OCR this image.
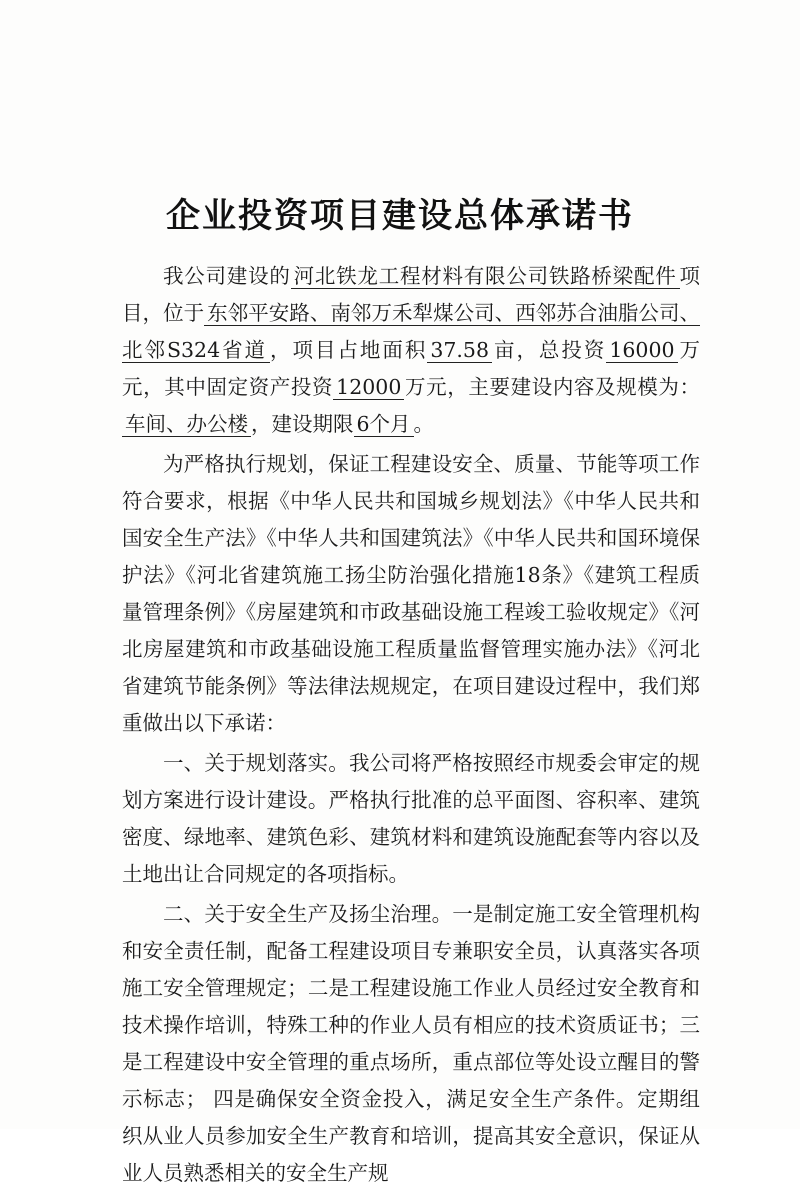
企业投资项目建设总体承诺书

我公司建设的 河北铁龙工程材料有限公司铁路桥梁配件 项目，位于 东邻平安路、南邻万禾犁煤公司、西邻苏合油脂公司、北邻S324省道 ，项目占地面积 37.58 亩，总投资 16000 万元，其中固定资产投资 12000 万元，主要建设内容及规模为：车间、办公楼 ，建设期限 6个月 。

为严格执行规划，保证工程建设安全、质量、节能等项工作符合要求，根据《中华人民共和国城乡规划法》《中华人民共和国安全生产法》《中华人共和国建筑法》《中华人民共和国环境保护法》《河北省建筑施工扬尘防治强化措施18条》《建筑工程质量管理条例》《房屋建筑和市政基础设施工程竣工验收规定》《河北房屋建筑和市政基础设施工程质量监督管理实施办法》《河北省建筑节能条例》等法律法规规定，在项目建设过程中，我们郑重做出以下承诺：

一、关于规划落实。我公司将严格按照经市规委会审定的规划方案进行设计建设。严格执行批准的总平面图、容积率、建筑密度、绿地率、建筑色彩、建筑材料和建筑设施配套等内容以及土地出让合同规定的各项指标。

二、关于安全生产及扬尘治理。一是制定施工安全管理机构和安全责任制，配备工程建设项目专兼职安全员，认真落实各项施工安全管理规定；二是工程建设施工作业人员经过安全教育和技术操作培训，特殊工种的作业人员有相应的技术资质证书；三是工程建设中安全管理的重点场所，重点部位等处设立醒目的警示标志； 四是确保安全资金投入，满足安全生产条件。定期组织从业人员参加安全生产教育和培训，提高其安全意识，保证从业人员熟悉相关的安全生产规
